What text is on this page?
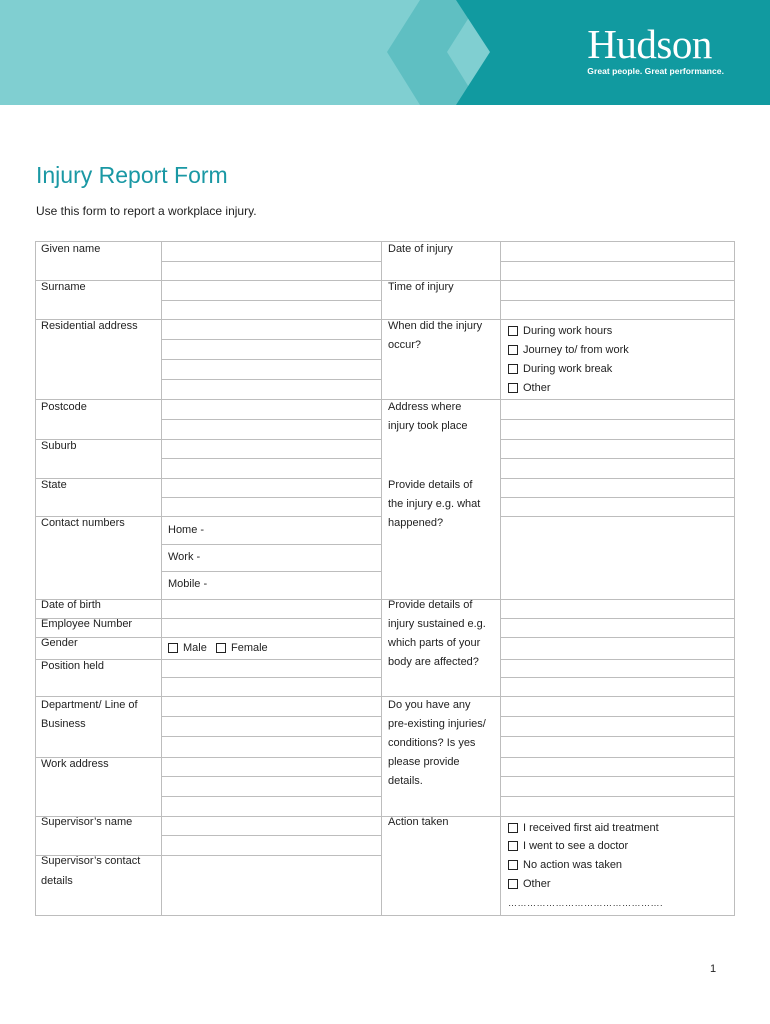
Hudson
Great people. Great performance.
Injury Report Form
Use this form to report a workplace injury.
Given name
Surname
Residential address
Postcode
Suburb
State
Contact numbers
Home -
Work -
Mobile -
Date of birth
Employee Number
Gender	Male Female
Position held
Department/ Line of
Business
Work address
Supervisor’s name
Supervisor’s contact
details
Date of injury
Time of injury
When did the injury
occur?
During work hours
Journey to/ from work
During work break
Other
Address where
injury took place
Provide details of
the injury e.g. what
happened?
Provide details of
injury sustained e.g.
which parts of your
body are affected?
Do you have any
pre-existing injuries/
conditions? Is yes
please provide
details.
Action taken	I received first aid treatment
I went to see a doctor
No action was taken
Other
………………………………………….
1
